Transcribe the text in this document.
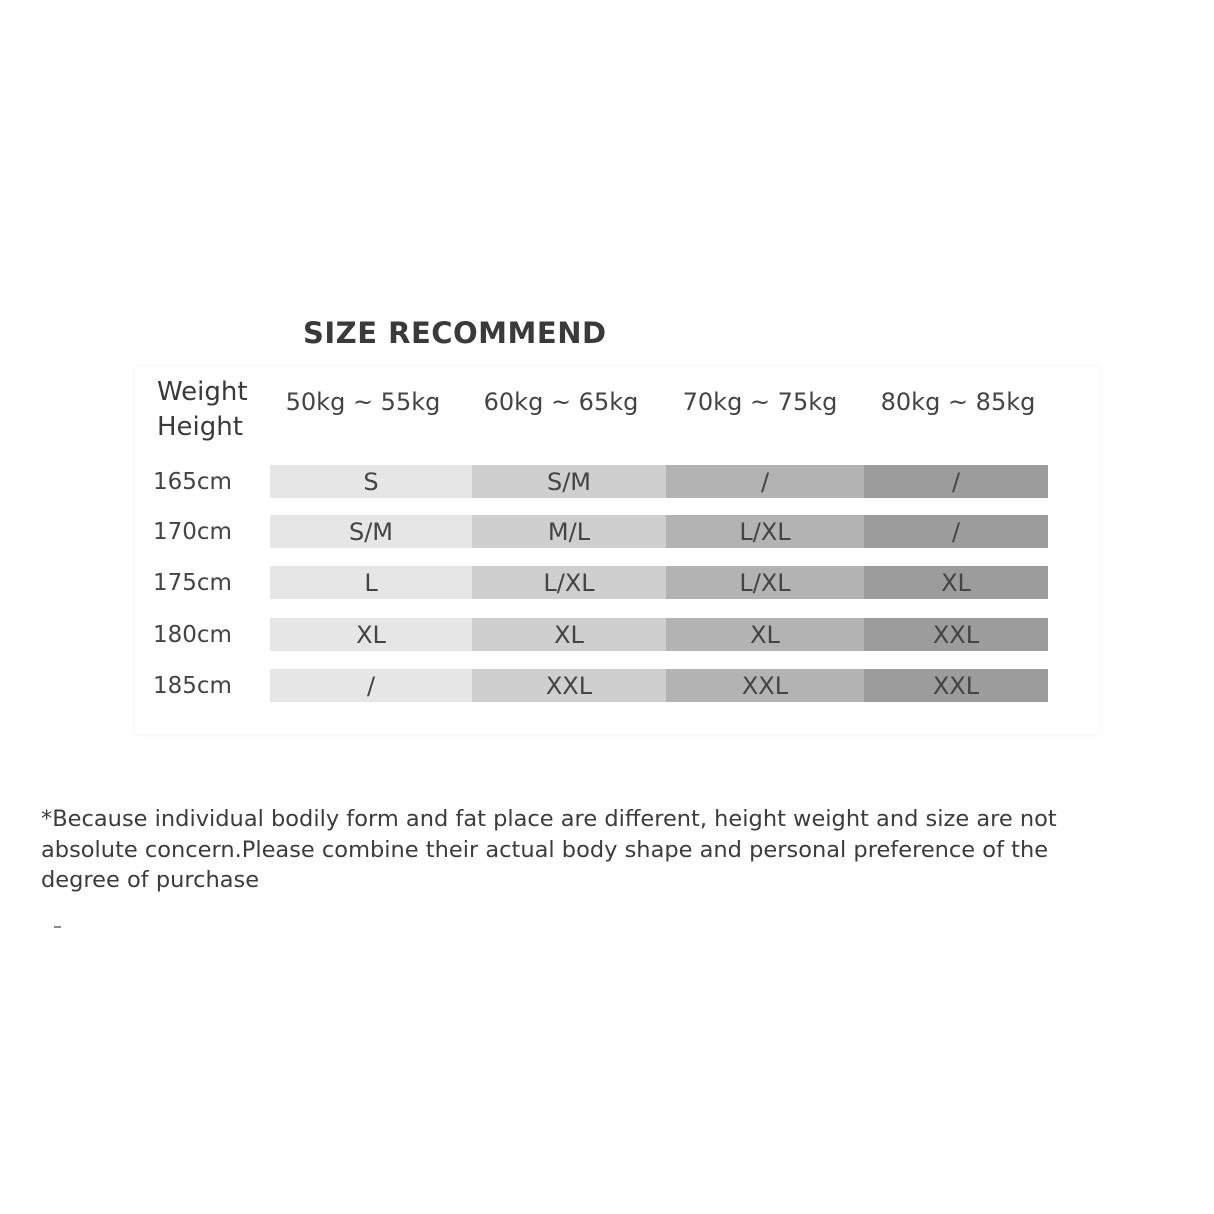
SIZE RECOMMEND
Weight
Height
50kg ~ 55kg	60kg ~ 65kg	70kg ~ 75kg	80kg ~ 85kg
165cm	S	S/M	/	/
170cm	S/M	M/L	L/XL	/
175cm	L	L/XL	L/XL	XL
180cm	XL	XL	XL	XXL
185cm	/	XXL	XXL	XXL
*Because individual bodily form and fat place are different, height weight and size are not absolute concern.Please combine their actual body shape and personal preference of the degree of purchase
